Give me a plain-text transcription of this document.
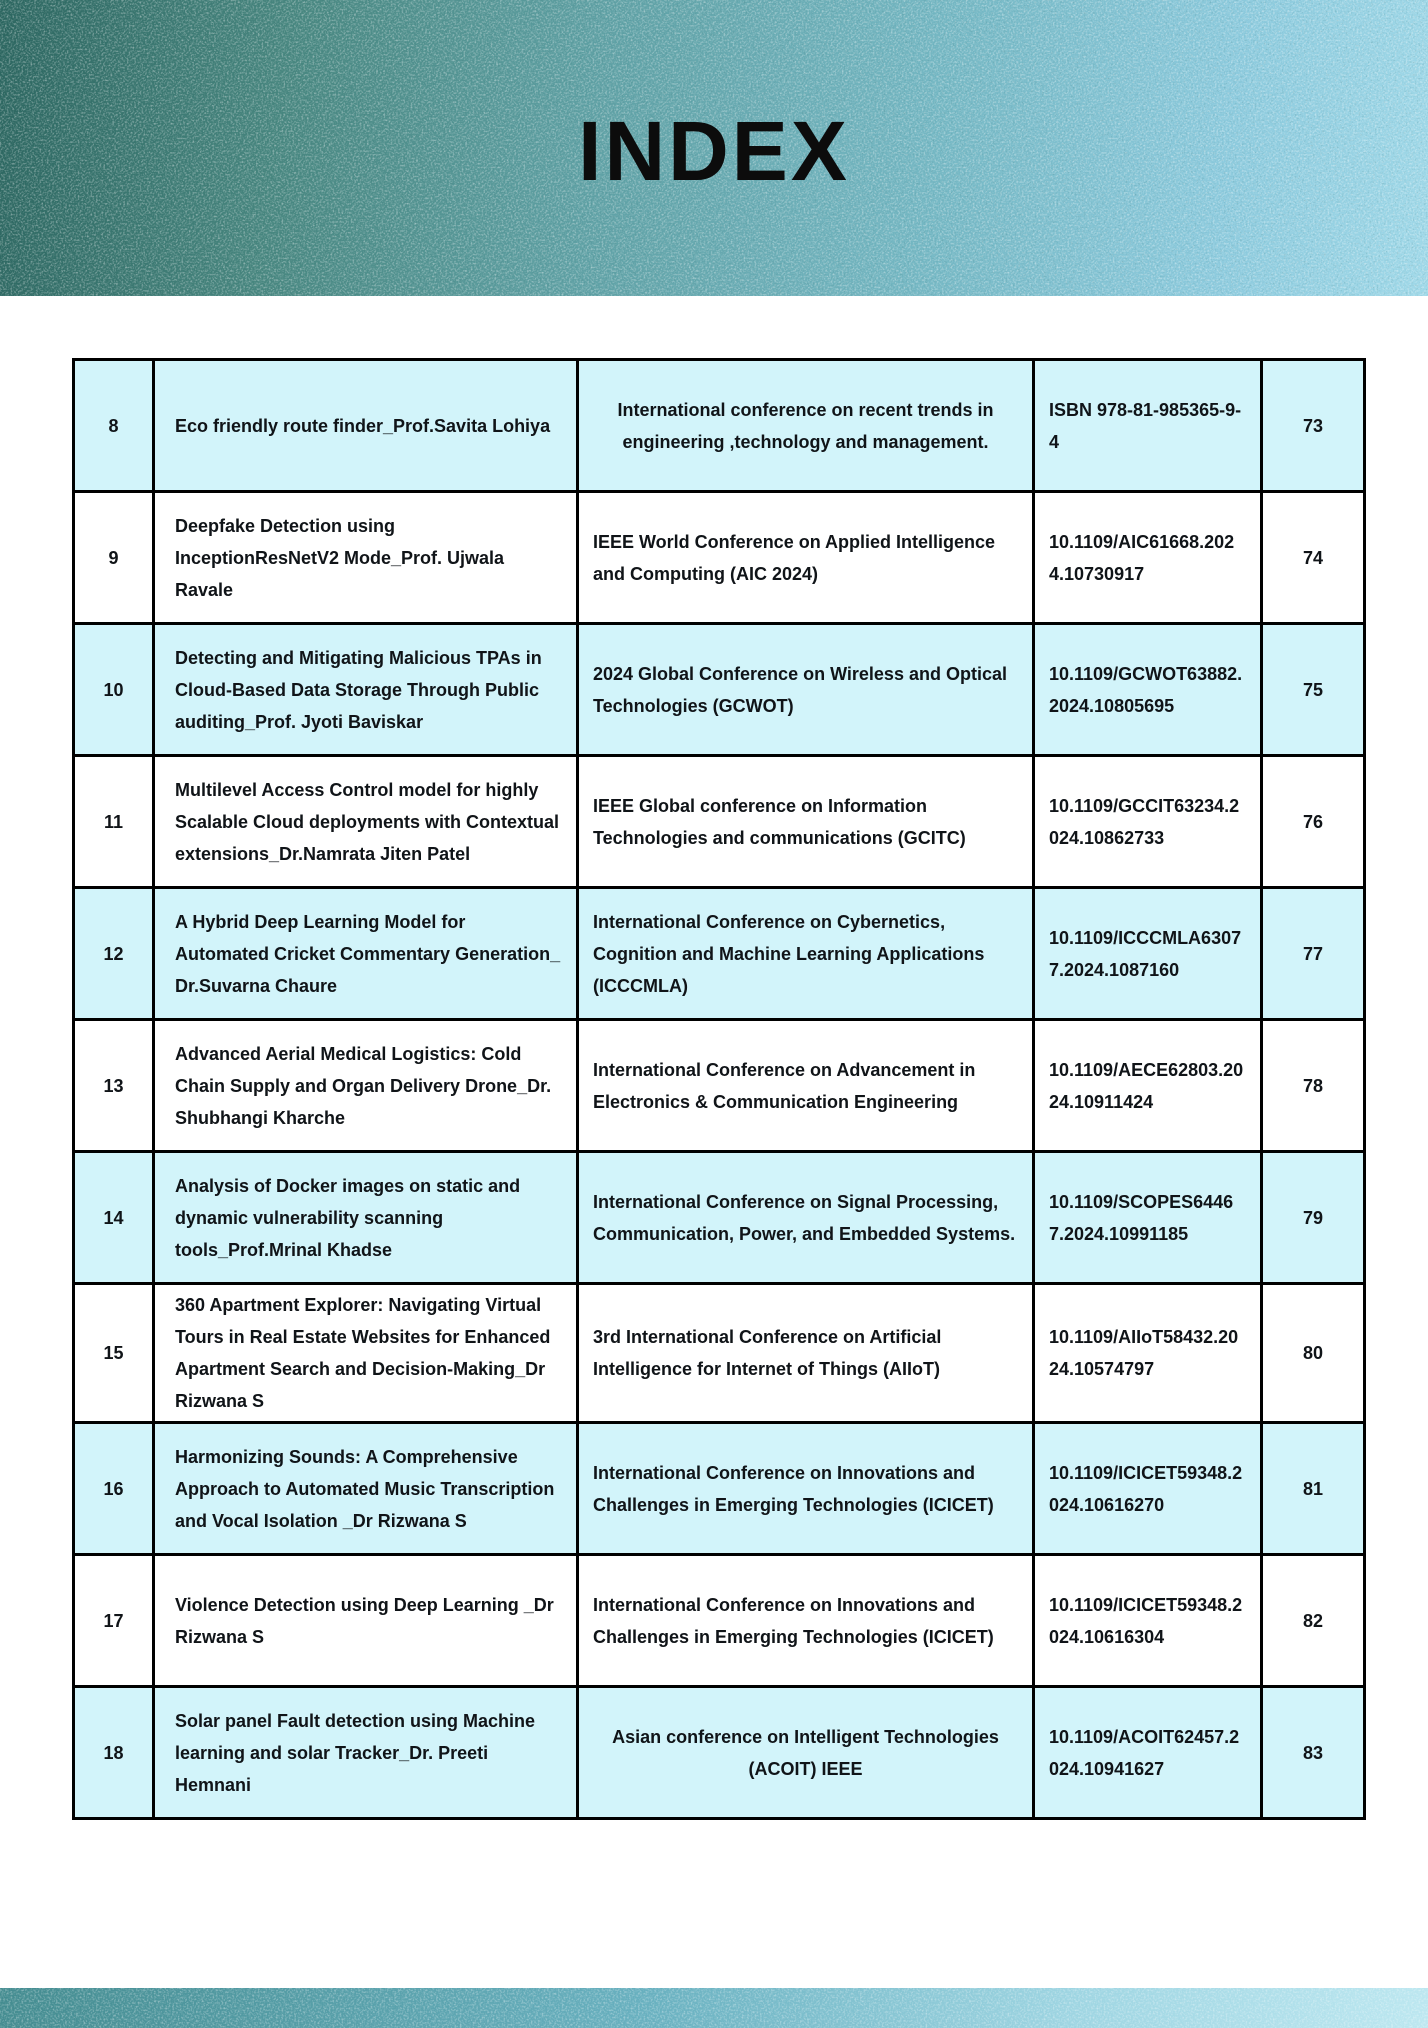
INDEX
8	Eco friendly route finder_Prof.Savita Lohiya	International conference on recent trends in engineering ,technology and management.	ISBN 978-81-985365-9-4	73
9	Deepfake Detection using InceptionResNetV2 Mode_Prof. Ujwala Ravale	IEEE World Conference on Applied Intelligence and Computing (AIC 2024)	10.1109/AIC61668.2024.10730917	74
10	Detecting and Mitigating Malicious TPAs in Cloud-Based Data Storage Through Public auditing_Prof. Jyoti Baviskar	2024 Global Conference on Wireless and Optical Technologies (GCWOT)	10.1109/GCWOT63882.2024.10805695	75
11	Multilevel Access Control model for highly Scalable Cloud deployments with Contextual extensions_Dr.Namrata Jiten Patel	IEEE Global conference on Information Technologies and communications (GCITC)	10.1109/GCCIT63234.2024.10862733	76
12	A Hybrid Deep Learning Model for Automated Cricket Commentary Generation_ Dr.Suvarna Chaure	International Conference on Cybernetics, Cognition and Machine Learning Applications (ICCCMLA)	10.1109/ICCCMLA63077.2024.1087160	77
13	Advanced Aerial Medical Logistics: Cold Chain Supply and Organ Delivery Drone_Dr. Shubhangi Kharche	International Conference on Advancement in Electronics & Communication Engineering	10.1109/AECE62803.2024.10911424	78
14	Analysis of Docker images on static and dynamic vulnerability scanning tools_Prof.Mrinal Khadse	International Conference on Signal Processing, Communication, Power, and Embedded Systems.	10.1109/SCOPES64467.2024.10991185	79
15	360 Apartment Explorer: Navigating Virtual Tours in Real Estate Websites for Enhanced Apartment Search and Decision-Making_Dr Rizwana S	3rd International Conference on Artificial Intelligence for Internet of Things (AIIoT)	10.1109/AIIoT58432.2024.10574797	80
16	Harmonizing Sounds: A Comprehensive Approach to Automated Music Transcription and Vocal Isolation _Dr Rizwana S	International Conference on Innovations and Challenges in Emerging Technologies (ICICET)	10.1109/ICICET59348.2024.10616270	81
17	Violence Detection using Deep Learning _Dr Rizwana S	International Conference on Innovations and Challenges in Emerging Technologies (ICICET)	10.1109/ICICET59348.2024.10616304	82
18	Solar panel Fault detection using Machine learning and solar Tracker_Dr. Preeti Hemnani	Asian conference on Intelligent Technologies (ACOIT) IEEE	10.1109/ACOIT62457.2024.10941627	83
